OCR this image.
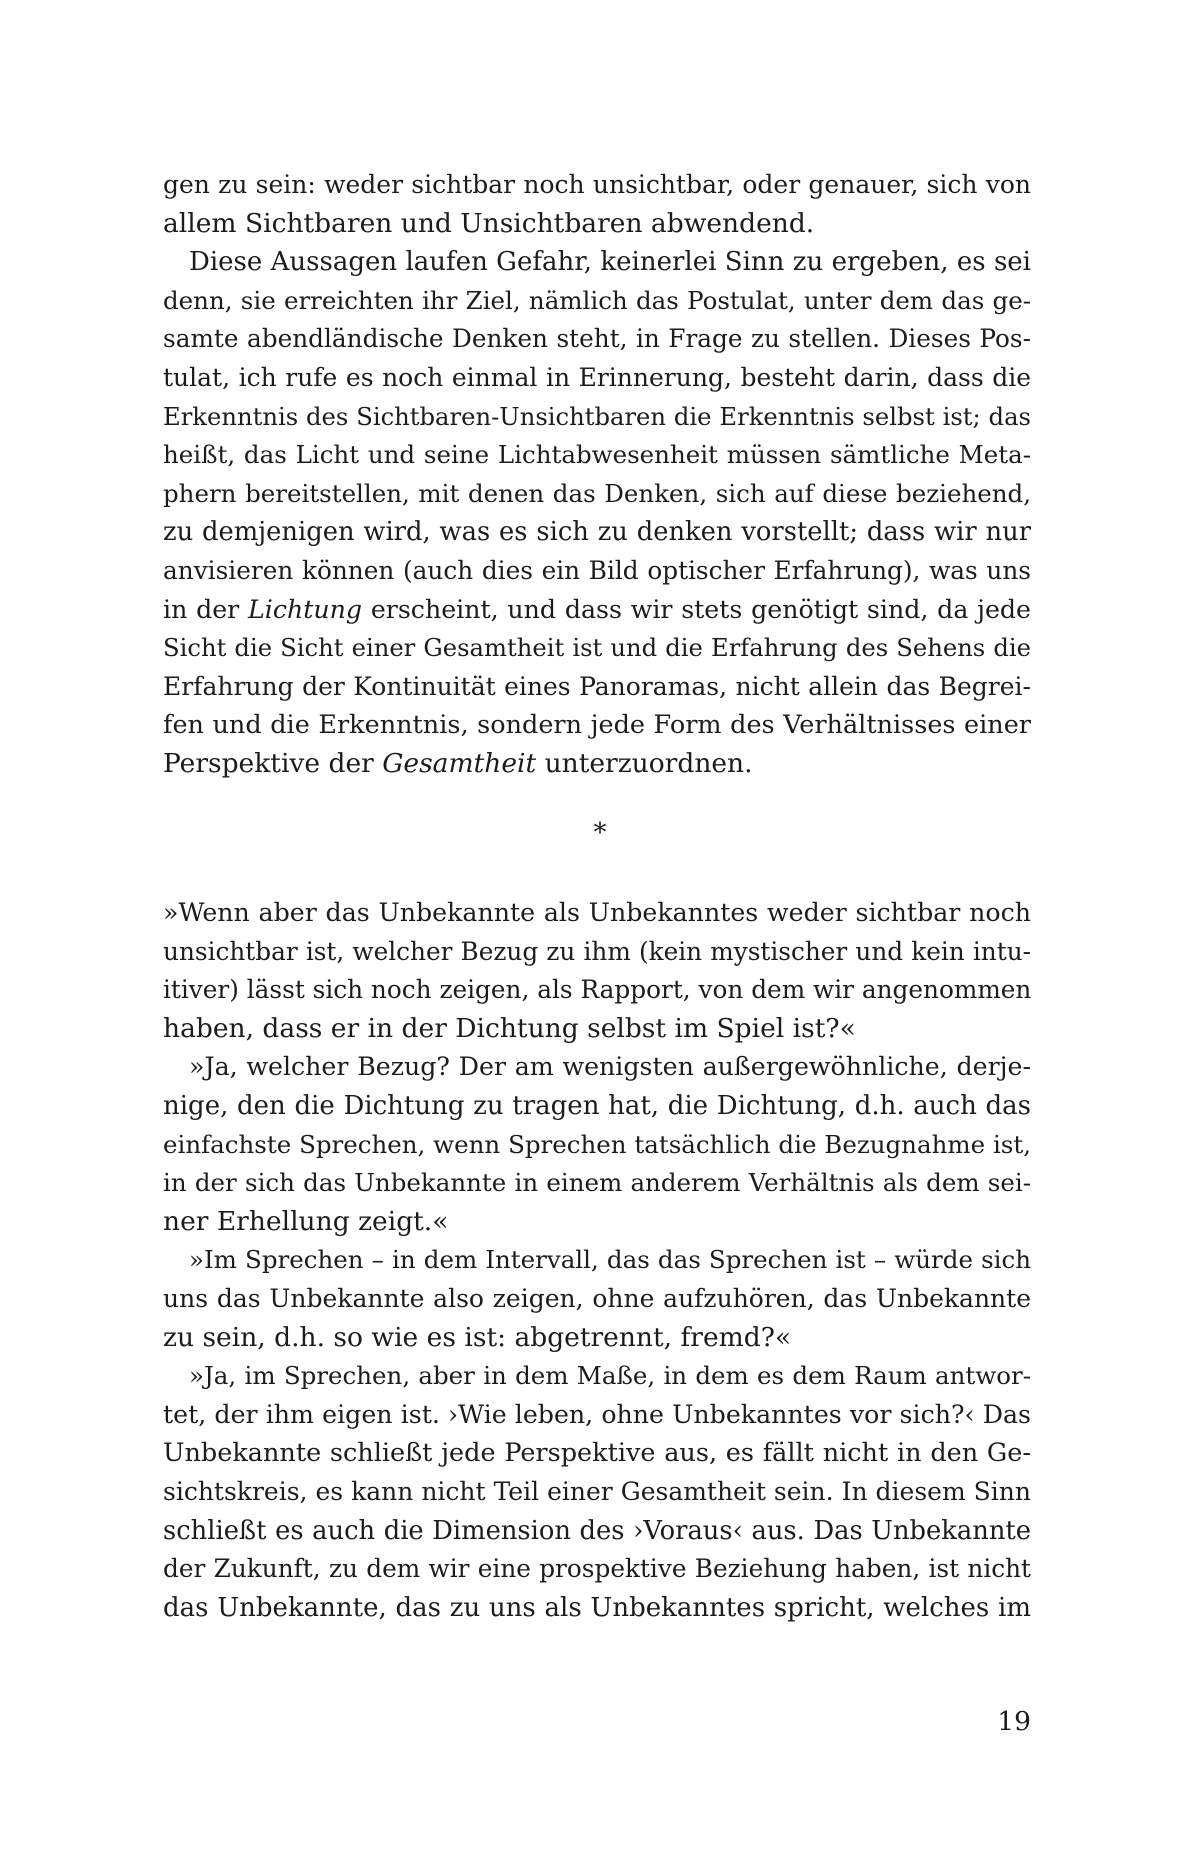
gen zu sein: weder sichtbar noch unsichtbar, oder genauer, sich von
allem Sichtbaren und Unsichtbaren abwendend.
Diese Aussagen laufen Gefahr, keinerlei Sinn zu ergeben, es sei
denn, sie erreichten ihr Ziel, nämlich das Postulat, unter dem das ge-
samte abendländische Denken steht, in Frage zu stellen. Dieses Pos-
tulat, ich rufe es noch einmal in Erinnerung, besteht darin, dass die
Erkenntnis des Sichtbaren-Unsichtbaren die Erkenntnis selbst ist; das
heißt, das Licht und seine Lichtabwesenheit müssen sämtliche Meta-
phern bereitstellen, mit denen das Denken, sich auf diese beziehend,
zu demjenigen wird, was es sich zu denken vorstellt; dass wir nur
anvisieren können (auch dies ein Bild optischer Erfahrung), was uns
in der Lichtung erscheint, und dass wir stets genötigt sind, da jede
Sicht die Sicht einer Gesamtheit ist und die Erfahrung des Sehens die
Erfahrung der Kontinuität eines Panoramas, nicht allein das Begrei-
fen und die Erkenntnis, sondern jede Form des Verhältnisses einer
Perspektive der Gesamtheit unterzuordnen.
*
»Wenn aber das Unbekannte als Unbekanntes weder sichtbar noch
unsichtbar ist, welcher Bezug zu ihm (kein mystischer und kein intu-
itiver) lässt sich noch zeigen, als Rapport, von dem wir angenommen
haben, dass er in der Dichtung selbst im Spiel ist?«
»Ja, welcher Bezug? Der am wenigsten außergewöhnliche, derje-
nige, den die Dichtung zu tragen hat, die Dichtung, d.h. auch das
einfachste Sprechen, wenn Sprechen tatsächlich die Bezugnahme ist,
in der sich das Unbekannte in einem anderem Verhältnis als dem sei-
ner Erhellung zeigt.«
»Im Sprechen – in dem Intervall, das das Sprechen ist – würde sich
uns das Unbekannte also zeigen, ohne aufzuhören, das Unbekannte
zu sein, d.h. so wie es ist: abgetrennt, fremd?«
»Ja, im Sprechen, aber in dem Maße, in dem es dem Raum antwor-
tet, der ihm eigen ist. ›Wie leben, ohne Unbekanntes vor sich?‹ Das
Unbekannte schließt jede Perspektive aus, es fällt nicht in den Ge-
sichtskreis, es kann nicht Teil einer Gesamtheit sein. In diesem Sinn
schließt es auch die Dimension des ›Voraus‹ aus. Das Unbekannte
der Zukunft, zu dem wir eine prospektive Beziehung haben, ist nicht
das Unbekannte, das zu uns als Unbekanntes spricht, welches im
19
